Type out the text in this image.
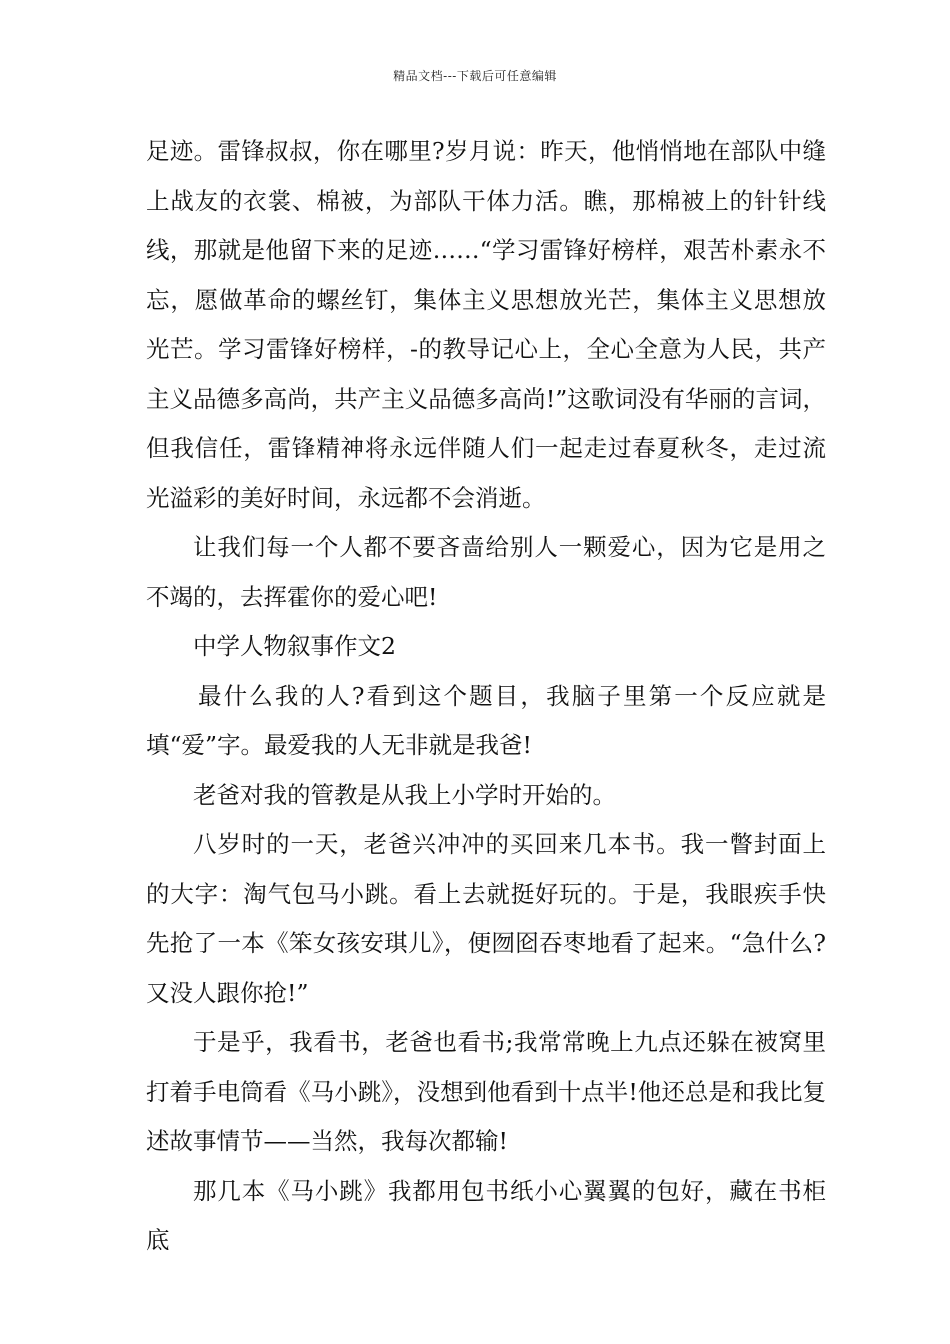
精品文档---下载后可任意编辑

足迹。雷锋叔叔，你在哪里?岁月说：昨天，他悄悄地在部队中缝上战友的衣裳、棉被，为部队干体力活。瞧，那棉被上的针针线线，那就是他留下来的足迹……“学习雷锋好榜样，艰苦朴素永不忘，愿做革命的螺丝钉，集体主义思想放光芒，集体主义思想放光芒。学习雷锋好榜样，-的教导记心上，全心全意为人民，共产主义品德多高尚，共产主义品德多高尚!”这歌词没有华丽的言词，但我信任，雷锋精神将永远伴随人们一起走过春夏秋冬，走过流光溢彩的美好时间，永远都不会消逝。

让我们每一个人都不要吝啬给别人一颗爱心，因为它是用之不竭的，去挥霍你的爱心吧!

中学人物叙事作文2

最什么我的人?看到这个题目，我脑子里第一个反应就是填“爱”字。最爱我的人无非就是我爸!

老爸对我的管教是从我上小学时开始的。

八岁时的一天，老爸兴冲冲的买回来几本书。我一瞥封面上的大字：淘气包马小跳。看上去就挺好玩的。于是，我眼疾手快先抢了一本《笨女孩安琪儿》，便囫囵吞枣地看了起来。“急什么?又没人跟你抢!”

于是乎，我看书，老爸也看书;我常常晚上九点还躲在被窝里打着手电筒看《马小跳》，没想到他看到十点半!他还总是和我比复述故事情节——当然，我每次都输!

那几本《马小跳》我都用包书纸小心翼翼的包好，藏在书柜底
